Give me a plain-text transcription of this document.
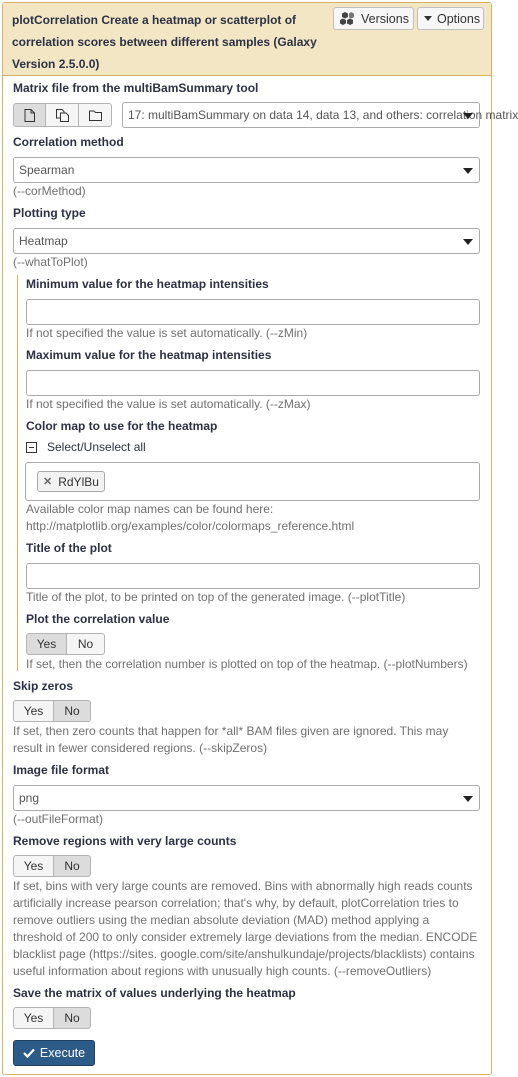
plotCorrelation Create a heatmap or scatterplot of correlation scores between different samples (Galaxy Version 2.5.0.0)
Versions Options
Matrix file from the multiBamSummary tool
17: multiBamSummary on data 14, data 13, and others: correlation matrix
Correlation method
Spearman
(--corMethod)
Plotting type
Heatmap
(--whatToPlot)
Minimum value for the heatmap intensities
If not specified the value is set automatically. (--zMin)
Maximum value for the heatmap intensities
If not specified the value is set automatically. (--zMax)
Color map to use for the heatmap
Select/Unselect all
✕ RdYlBu
Available color map names can be found here:
http://matplotlib.org/examples/color/colormaps_reference.html
Title of the plot
Title of the plot, to be printed on top of the generated image. (--plotTitle)
Plot the correlation value
Yes	No
If set, then the correlation number is plotted on top of the heatmap. (--plotNumbers)
Skip zeros
Yes	No
If set, then zero counts that happen for *all* BAM files given are ignored. This may
result in fewer considered regions. (--skipZeros)
Image file format
png
(--outFileFormat)
Remove regions with very large counts
Yes	No
If set, bins with very large counts are removed. Bins with abnormally high reads counts
artificially increase pearson correlation; that's why, by default, plotCorrelation tries to
remove outliers using the median absolute deviation (MAD) method applying a
threshold of 200 to only consider extremely large deviations from the median. ENCODE
blacklist page (https://sites. google.com/site/anshulkundaje/projects/blacklists) contains
useful information about regions with unusually high counts. (--removeOutliers)
Save the matrix of values underlying the heatmap
Yes	No
Execute
